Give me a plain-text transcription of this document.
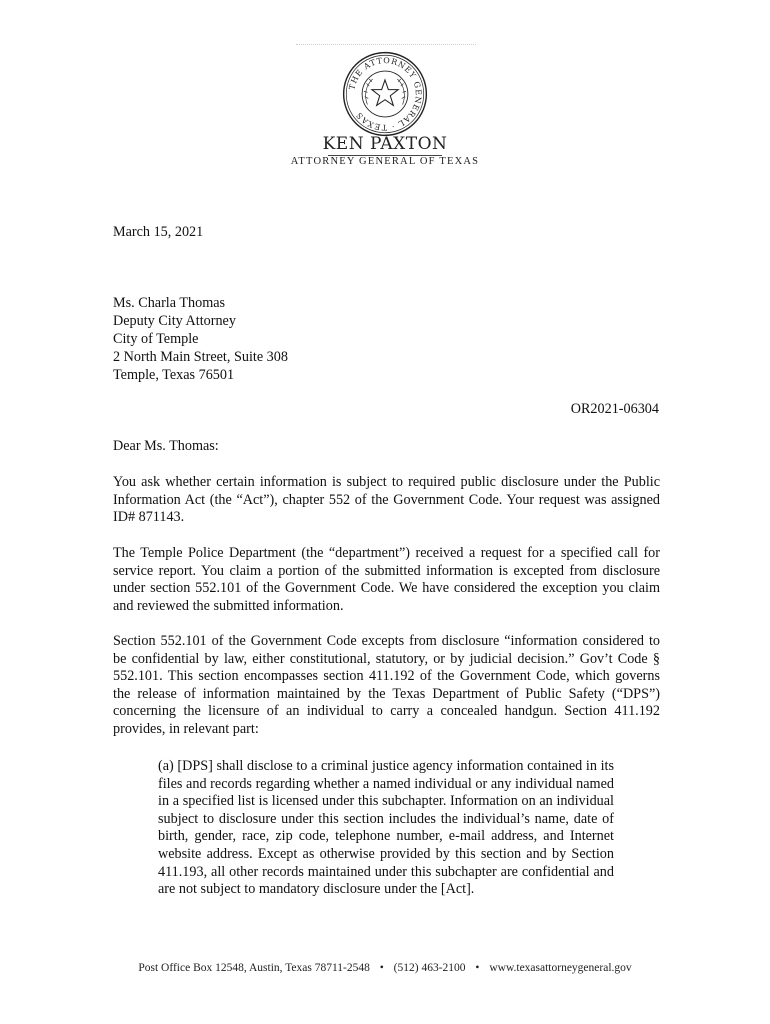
THE ATTORNEY GENERAL · TEXAS
KEN PAXTON
ATTORNEY GENERAL OF TEXAS

March 15, 2021

Ms. Charla Thomas
Deputy City Attorney
City of Temple
2 North Main Street, Suite 308
Temple, Texas 76501

OR2021-06304

Dear Ms. Thomas:

You ask whether certain information is subject to required public disclosure under the Public Information Act (the “Act”), chapter 552 of the Government Code. Your request was assigned ID# 871143.

The Temple Police Department (the “department”) received a request for a specified call for service report. You claim a portion of the submitted information is excepted from disclosure under section 552.101 of the Government Code. We have considered the exception you claim and reviewed the submitted information.

Section 552.101 of the Government Code excepts from disclosure “information considered to be confidential by law, either constitutional, statutory, or by judicial decision.” Gov’t Code § 552.101. This section encompasses section 411.192 of the Government Code, which governs the release of information maintained by the Texas Department of Public Safety (“DPS”) concerning the licensure of an individual to carry a concealed handgun. Section 411.192 provides, in relevant part:

(a) [DPS] shall disclose to a criminal justice agency information contained in its files and records regarding whether a named individual or any individual named in a specified list is licensed under this subchapter. Information on an individual subject to disclosure under this section includes the individual’s name, date of birth, gender, race, zip code, telephone number, e-mail address, and Internet website address. Except as otherwise provided by this section and by Section 411.193, all other records maintained under this subchapter are confidential and are not subject to mandatory disclosure under the [Act].

Post Office Box 12548, Austin, Texas 78711-2548 • (512) 463-2100 • www.texasattorneygeneral.gov
